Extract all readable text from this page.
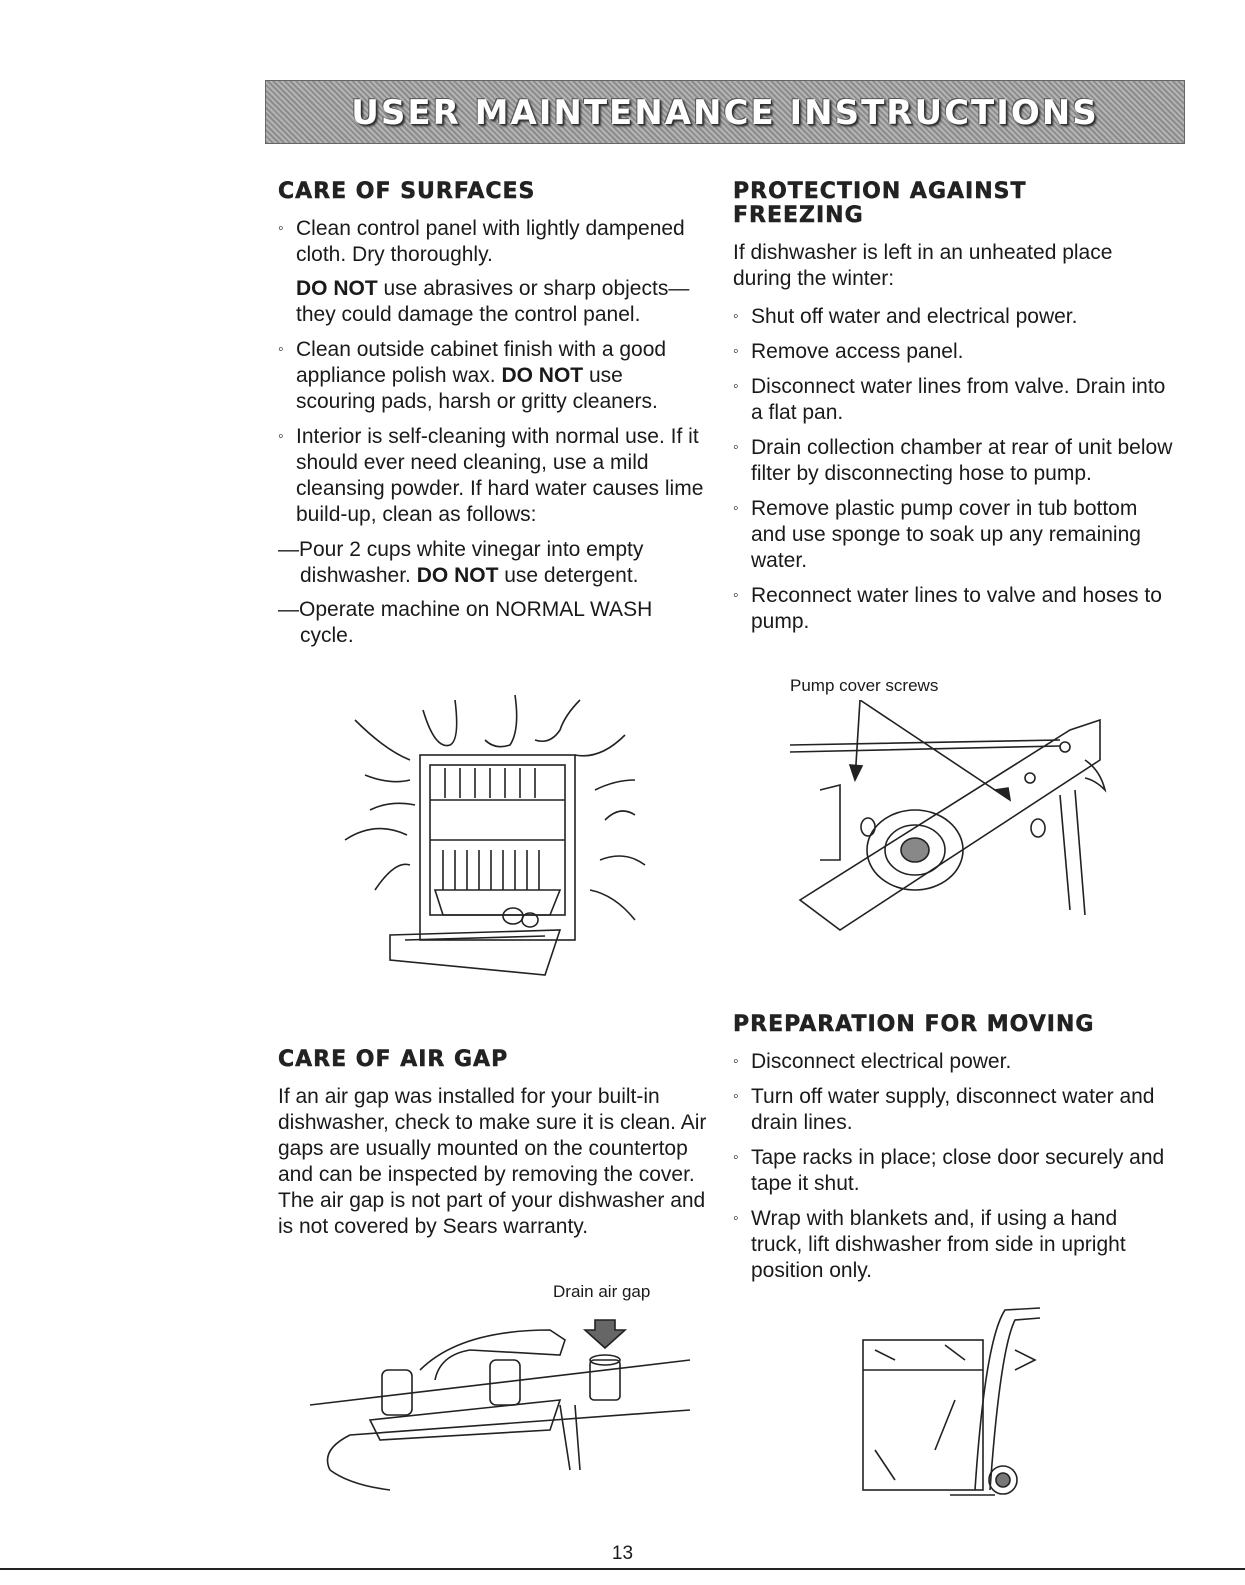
USER MAINTENANCE INSTRUCTIONS
CARE OF SURFACES
◦ Clean control panel with lightly dampened cloth. Dry thoroughly.
DO NOT use abrasives or sharp objects—they could damage the control panel.
◦ Clean outside cabinet finish with a good appliance polish wax. DO NOT use scouring pads, harsh or gritty cleaners.
◦ Interior is self-cleaning with normal use. If it should ever need cleaning, use a mild cleansing powder. If hard water causes lime build-up, clean as follows:

—Pour 2 cups white vinegar into empty dishwasher. DO NOT use detergent.

—Operate machine on NORMAL WASH cycle.

CARE OF AIR GAP

If an air gap was installed for your built-in dishwasher, check to make sure it is clean. Air gaps are usually mounted on the countertop and can be inspected by removing the cover. The air gap is not part of your dishwasher and is not covered by Sears warranty.

Drain air gap
PROTECTION AGAINST
FREEZING

If dishwasher is left in an unheated place during the winter:

◦ Shut off water and electrical power.
◦ Remove access panel.
◦ Disconnect water lines from valve. Drain into a flat pan.
◦ Drain collection chamber at rear of unit below filter by disconnecting hose to pump.
◦ Remove plastic pump cover in tub bottom and use sponge to soak up any remaining water.
◦ Reconnect water lines to valve and hoses to pump.
Pump cover screws
PREPARATION FOR MOVING
◦ Disconnect electrical power.
◦ Turn off water supply, disconnect water and drain lines.
◦ Tape racks in place; close door securely and tape it shut.
◦ Wrap with blankets and, if using a hand truck, lift dishwasher from side in upright position only.
13
